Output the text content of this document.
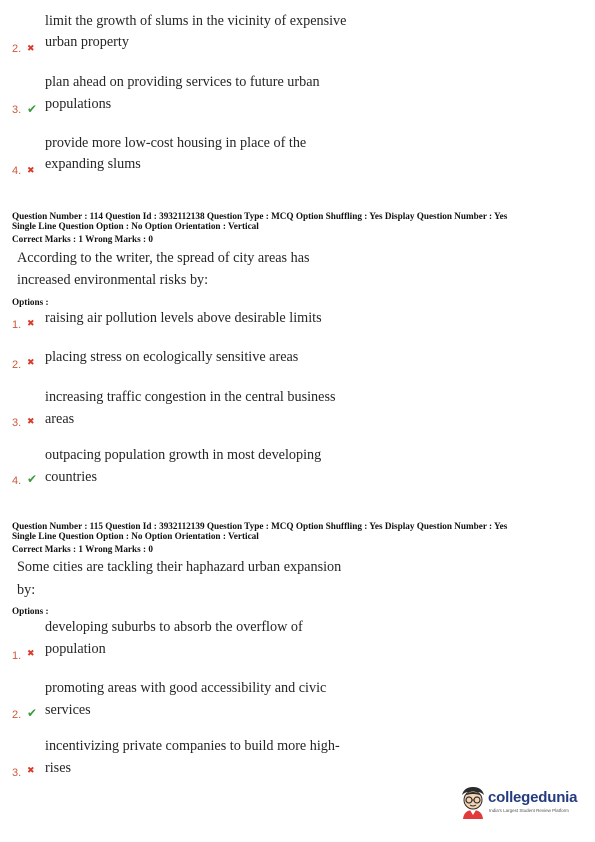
limit the growth of slums in the vicinity of expensive
2. ✖ urban property
plan ahead on providing services to future urban
3. ✔ populations
provide more low-cost housing in place of the
4. ✖ expanding slums
Question Number : 114 Question Id : 3932112138 Question Type : MCQ Option Shuffling : Yes Display Question Number : Yes
Single Line Question Option : No Option Orientation : Vertical
Correct Marks : 1 Wrong Marks : 0
According to the writer, the spread of city areas has
increased environmental risks by:
Options :
1. ✖ raising air pollution levels above desirable limits
2. ✖ placing stress on ecologically sensitive areas
increasing traffic congestion in the central business
3. ✖ areas
outpacing population growth in most developing
4. ✔ countries
Question Number : 115 Question Id : 3932112139 Question Type : MCQ Option Shuffling : Yes Display Question Number : Yes
Single Line Question Option : No Option Orientation : Vertical
Correct Marks : 1 Wrong Marks : 0
Some cities are tackling their haphazard urban expansion
by:
Options :
developing suburbs to absorb the overflow of
1. ✖ population
promoting areas with good accessibility and civic
2. ✔ services
incentivizing private companies to build more high-
3. ✖ rises
collegedunia
India's Largest Student Review Platform
